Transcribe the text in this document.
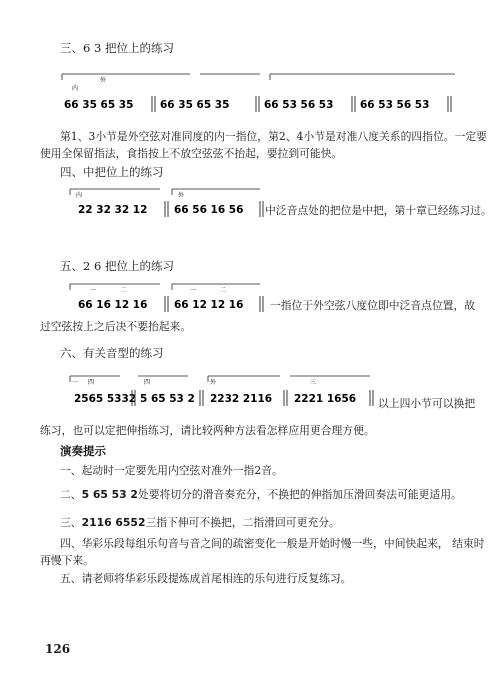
三、6 3 把位上的练习
外
内
66 35 65 35	66 35 65 35	66 53 56 53	66 53 56 53
第1、3小节是外空弦对准同度的内一指位，第2、4小节是对准八度关系的四指位。一定要
使用全保留指法，食指按上不放空弦弦不抬起，要拉到可能快。
四、中把位上的练习
内	外
22 32 32 12	66 56 16 56 中泛音点处的把位是中把，第十章已经练习过。
五、2 6 把位上的练习
一	二	一	二
66 16 12 16	66 12 12 16 一指位于外空弦八度位即中泛音点位置，故
过空弦按上之后决不要抬起来。
六、有关音型的练习
一 四	四	外	三
2565 5332 5 65 53 2 2232 2116 2221 1656 以上四小节可以换把
练习，也可以定把伸指练习，请比较两种方法看怎样应用更合理方便。
演奏提示
一、起动时一定要先用内空弦对准外一指2音。
二、5 65 53 2处要将切分的滑音奏充分，不换把的伸指加压滑回奏法可能更适用。
三、2116 6552三指下伸可不换把，二指滑回可更充分。
四、华彩乐段每组乐句音与音之间的疏密变化一般是开始时慢一些，中间快起来， 结束时
再慢下来。
五、请老师将华彩乐段提炼成首尾相连的乐句进行反复练习。
126
